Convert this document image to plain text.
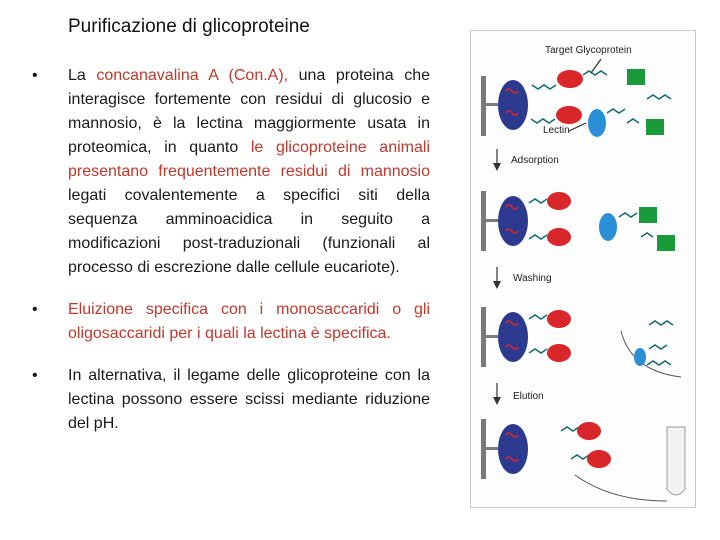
Purificazione di glicoproteine
• La concanavalina A (Con.A), una proteina che interagisce fortemente con residui di glucosio e mannosio, è la lectina maggiormente usata in proteomica, in quanto le glicoproteine animali presentano frequentemente residui di mannosio legati covalentemente a specifici siti della sequenza amminoacidica in seguito a modificazioni post-traduzionali (funzionali al processo di escrezione dalle cellule eucariote).

• Eluizione specifica con i monosaccaridi o gli oligosaccaridi per i quali la lectina è specifica.

• In alternativa, il legame delle glicoproteine con la lectina possono essere scissi mediante riduzione del pH.

Target Glycoprotein
Lectin
Adsorption
Washing
Elution
